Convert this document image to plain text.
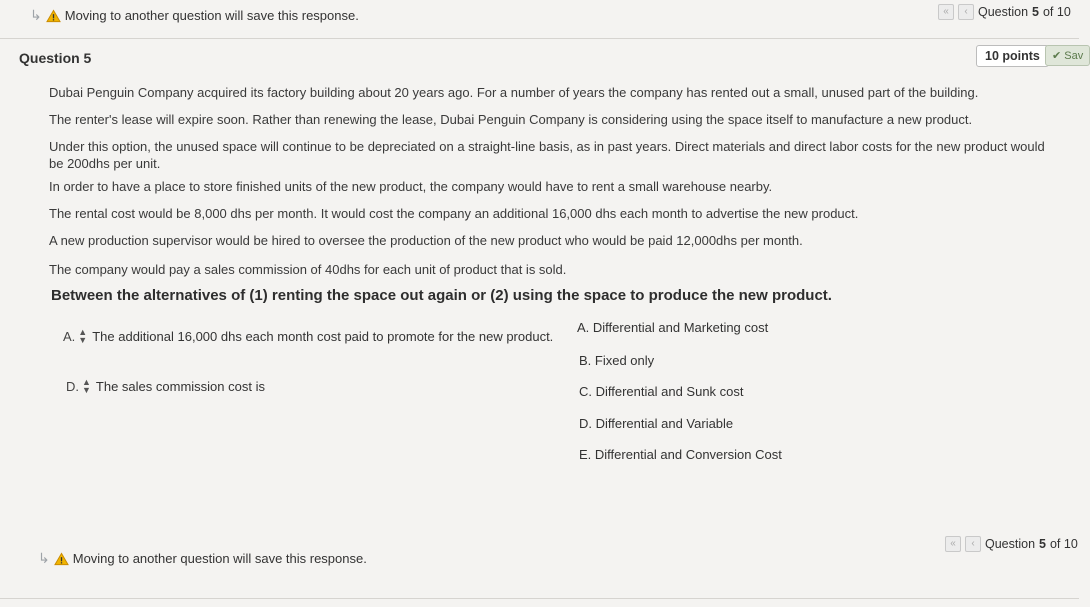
↳ Moving to another question will save this response.	«	‹ Question 5 of 10
Question 5	10 points	✔ Sav
Dubai Penguin Company acquired its factory building about 20 years ago. For a number of years the company has rented out a small, unused part of the building.
The renter's lease will expire soon. Rather than renewing the lease, Dubai Penguin Company is considering using the space itself to manufacture a new product.
Under this option, the unused space will continue to be depreciated on a straight-line basis, as in past years. Direct materials and direct labor costs for the new product would
be 200dhs per unit.
In order to have a place to store finished units of the new product, the company would have to rent a small warehouse nearby.
The rental cost would be 8,000 dhs per month. It would cost the company an additional 16,000 dhs each month to advertise the new product.
A new production supervisor would be hired to oversee the production of the new product who would be paid 12,000dhs per month.
The company would pay a sales commission of 40dhs for each unit of product that is sold.
Between the alternatives of (1) renting the space out again or (2) using the space to produce the new product.
A. ▲
▼ The additional 16,000 dhs each month cost paid to promote for the new product.
D. ▲
▼ The sales commission cost is
A. Differential and Marketing cost
B. Fixed only
C. Differential and Sunk cost
D. Differential and Variable
E. Differential and Conversion Cost
↳ Moving to another question will save this response.
«	‹ Question 5 of 10
